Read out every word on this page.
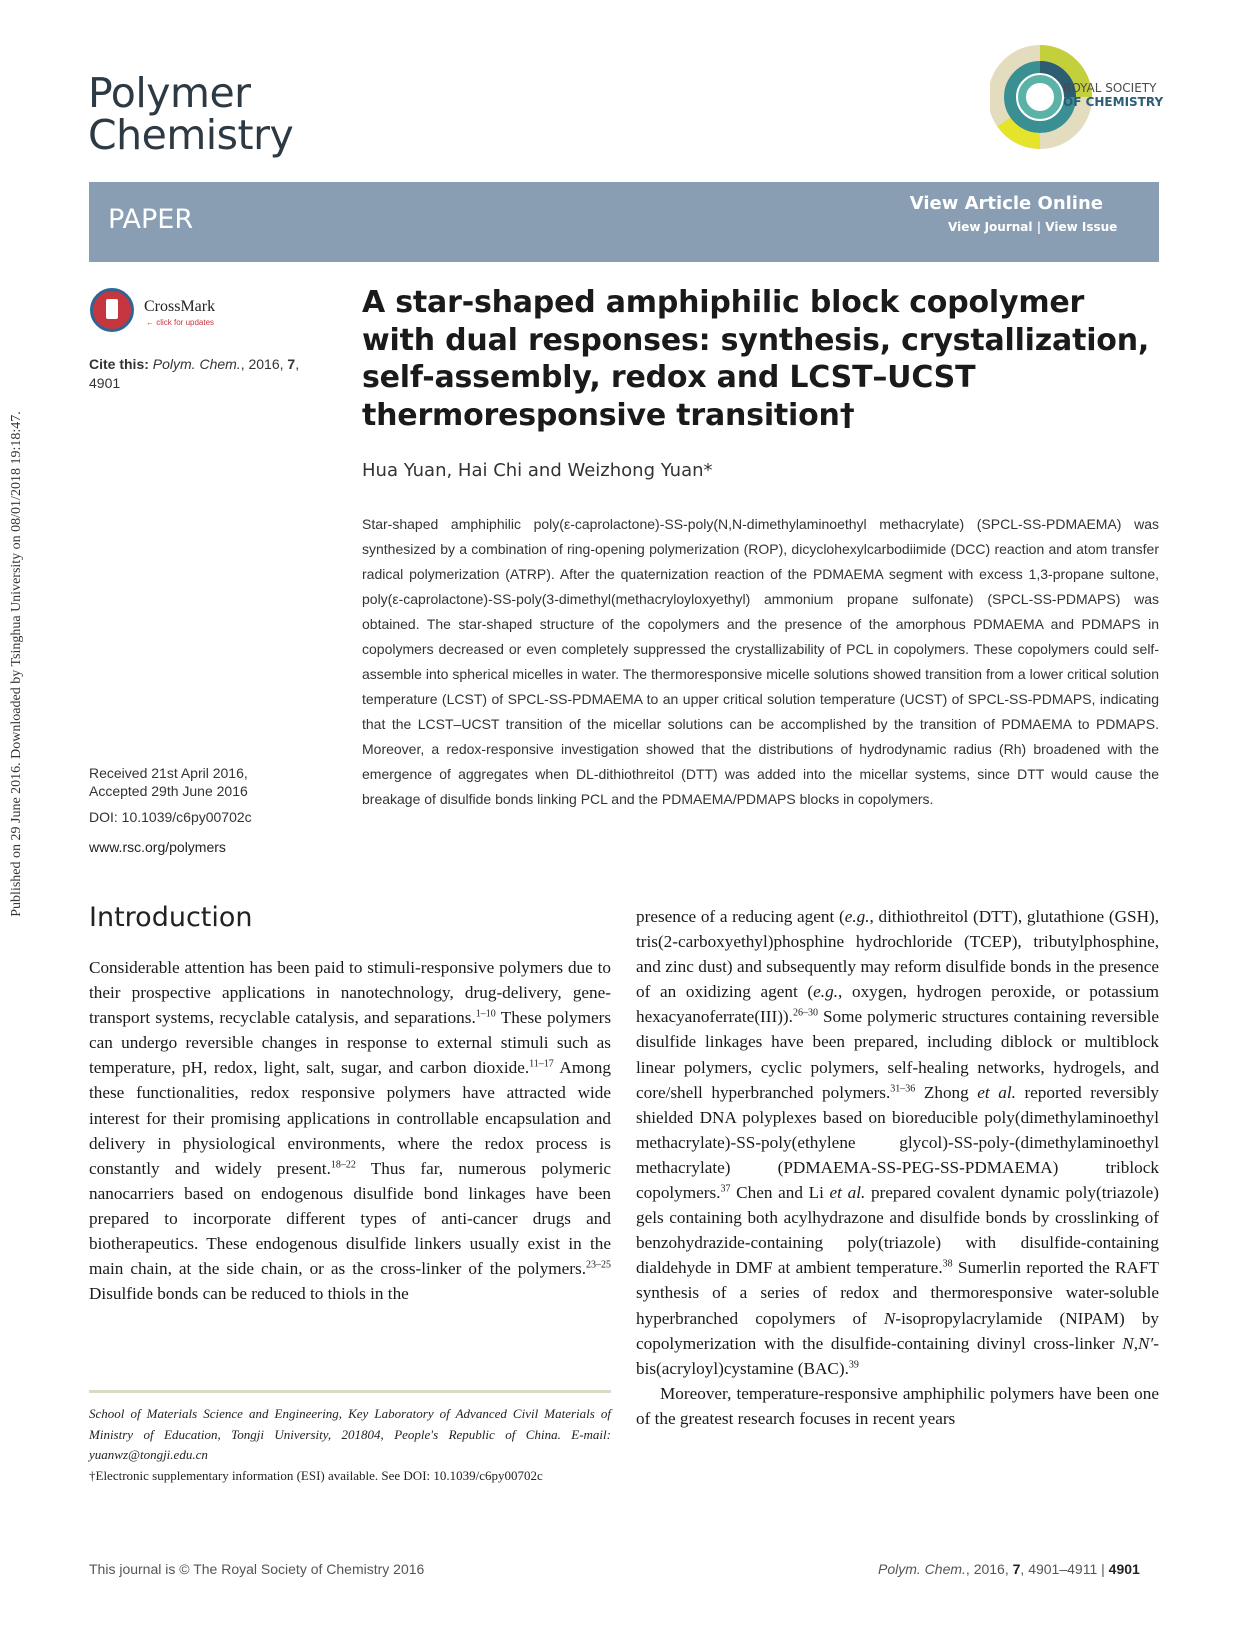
Published on 29 June 2016. Downloaded by Tsinghua University on 08/01/2018 19:18:47.
Polymer
Chemistry
ROYAL SOCIETY
OF CHEMISTRY
PAPER
View Article Online
View Journal | View Issue
CrossMark
← click for updates
Cite this: Polym. Chem., 2016, 7,
4901
Received 21st April 2016,
Accepted 29th June 2016
DOI: 10.1039/c6py00702c
www.rsc.org/polymers
A star-shaped amphiphilic block copolymer with dual responses: synthesis, crystallization, self-assembly, redox and LCST–UCST thermoresponsive transition†
Hua Yuan, Hai Chi and Weizhong Yuan*
Star-shaped amphiphilic poly(ε-caprolactone)-SS-poly(N,N-dimethylaminoethyl methacrylate) (SPCL-SS-PDMAEMA) was synthesized by a combination of ring-opening polymerization (ROP), dicyclohexylcarbodiimide (DCC) reaction and atom transfer radical polymerization (ATRP). After the quaternization reaction of the PDMAEMA segment with excess 1,3-propane sultone, poly(ε-caprolactone)-SS-poly(3-dimethyl(methacryloyloxyethyl) ammonium propane sulfonate) (SPCL-SS-PDMAPS) was obtained. The star-shaped structure of the copolymers and the presence of the amorphous PDMAEMA and PDMAPS in copolymers decreased or even completely suppressed the crystallizability of PCL in copolymers. These copolymers could self-assemble into spherical micelles in water. The thermoresponsive micelle solutions showed transition from a lower critical solution temperature (LCST) of SPCL-SS-PDMAEMA to an upper critical solution temperature (UCST) of SPCL-SS-PDMAPS, indicating that the LCST–UCST transition of the micellar solutions can be accomplished by the transition of PDMAEMA to PDMAPS. Moreover, a redox-responsive investigation showed that the distributions of hydrodynamic radius (Rh) broadened with the emergence of aggregates when DL-dithiothreitol (DTT) was added into the micellar systems, since DTT would cause the breakage of disulfide bonds linking PCL and the PDMAEMA/PDMAPS blocks in copolymers.
Introduction
Considerable attention has been paid to stimuli-responsive polymers due to their prospective applications in nanotechnology, drug-delivery, gene-transport systems, recyclable catalysis, and separations.$^{1-10}$ These polymers can undergo reversible changes in response to external stimuli such as temperature, pH, redox, light, salt, sugar, and carbon dioxide.$^{11-17}$ Among these functionalities, redox responsive polymers have attracted wide interest for their promising applications in controllable encapsulation and delivery in physiological environments, where the redox process is constantly and widely present.$^{18-22}$ Thus far, numerous polymeric nanocarriers based on endogenous disulfide bond linkages have been prepared to incorporate different types of anti-cancer drugs and biotherapeutics. These endogenous disulfide linkers usually exist in the main chain, at the side chain, or as the cross-linker of the polymers.$^{23-25}$ Disulfide bonds can be reduced to thiols in the
School of Materials Science and Engineering, Key Laboratory of Advanced Civil Materials of Ministry of Education, Tongji University, 201804, People's Republic of China. E-mail: yuanwz@tongji.edu.cn
†Electronic supplementary information (ESI) available. See DOI: 10.1039/c6py00702c
presence of a reducing agent (e.g., dithiothreitol (DTT), glutathione (GSH), tris(2-carboxyethyl)phosphine hydrochloride (TCEP), tributylphosphine, and zinc dust) and subsequently may reform disulfide bonds in the presence of an oxidizing agent (e.g., oxygen, hydrogen peroxide, or potassium hexacyanoferrate(III)).$^{26-30}$ Some polymeric structures containing reversible disulfide linkages have been prepared, including diblock or multiblock linear polymers, cyclic polymers, self-healing networks, hydrogels, and core/shell hyperbranched polymers.$^{31-36}$ Zhong et al. reported reversibly shielded DNA polyplexes based on bioreducible poly(dimethylaminoethyl methacrylate)-SS-poly(ethylene glycol)-SS-poly-(dimethylaminoethyl methacrylate) (PDMAEMA-SS-PEG-SS-PDMAEMA) triblock copolymers.$^{37}$ Chen and Li et al. prepared covalent dynamic poly(triazole) gels containing both acylhydrazone and disulfide bonds by crosslinking of benzohydrazide-containing poly(triazole) with disulfide-containing dialdehyde in DMF at ambient temperature.$^{38}$ Sumerlin reported the RAFT synthesis of a series of redox and thermoresponsive water-soluble hyperbranched copolymers of N-isopropylacrylamide (NIPAM) by copolymerization with the disulfide-containing divinyl cross-linker N,N′-bis(acryloyl)cystamine (BAC).$^{39}$
Moreover, temperature-responsive amphiphilic polymers have been one of the greatest research focuses in recent years
This journal is © The Royal Society of Chemistry 2016	Polym. Chem., 2016, 7, 4901–4911 | 4901
